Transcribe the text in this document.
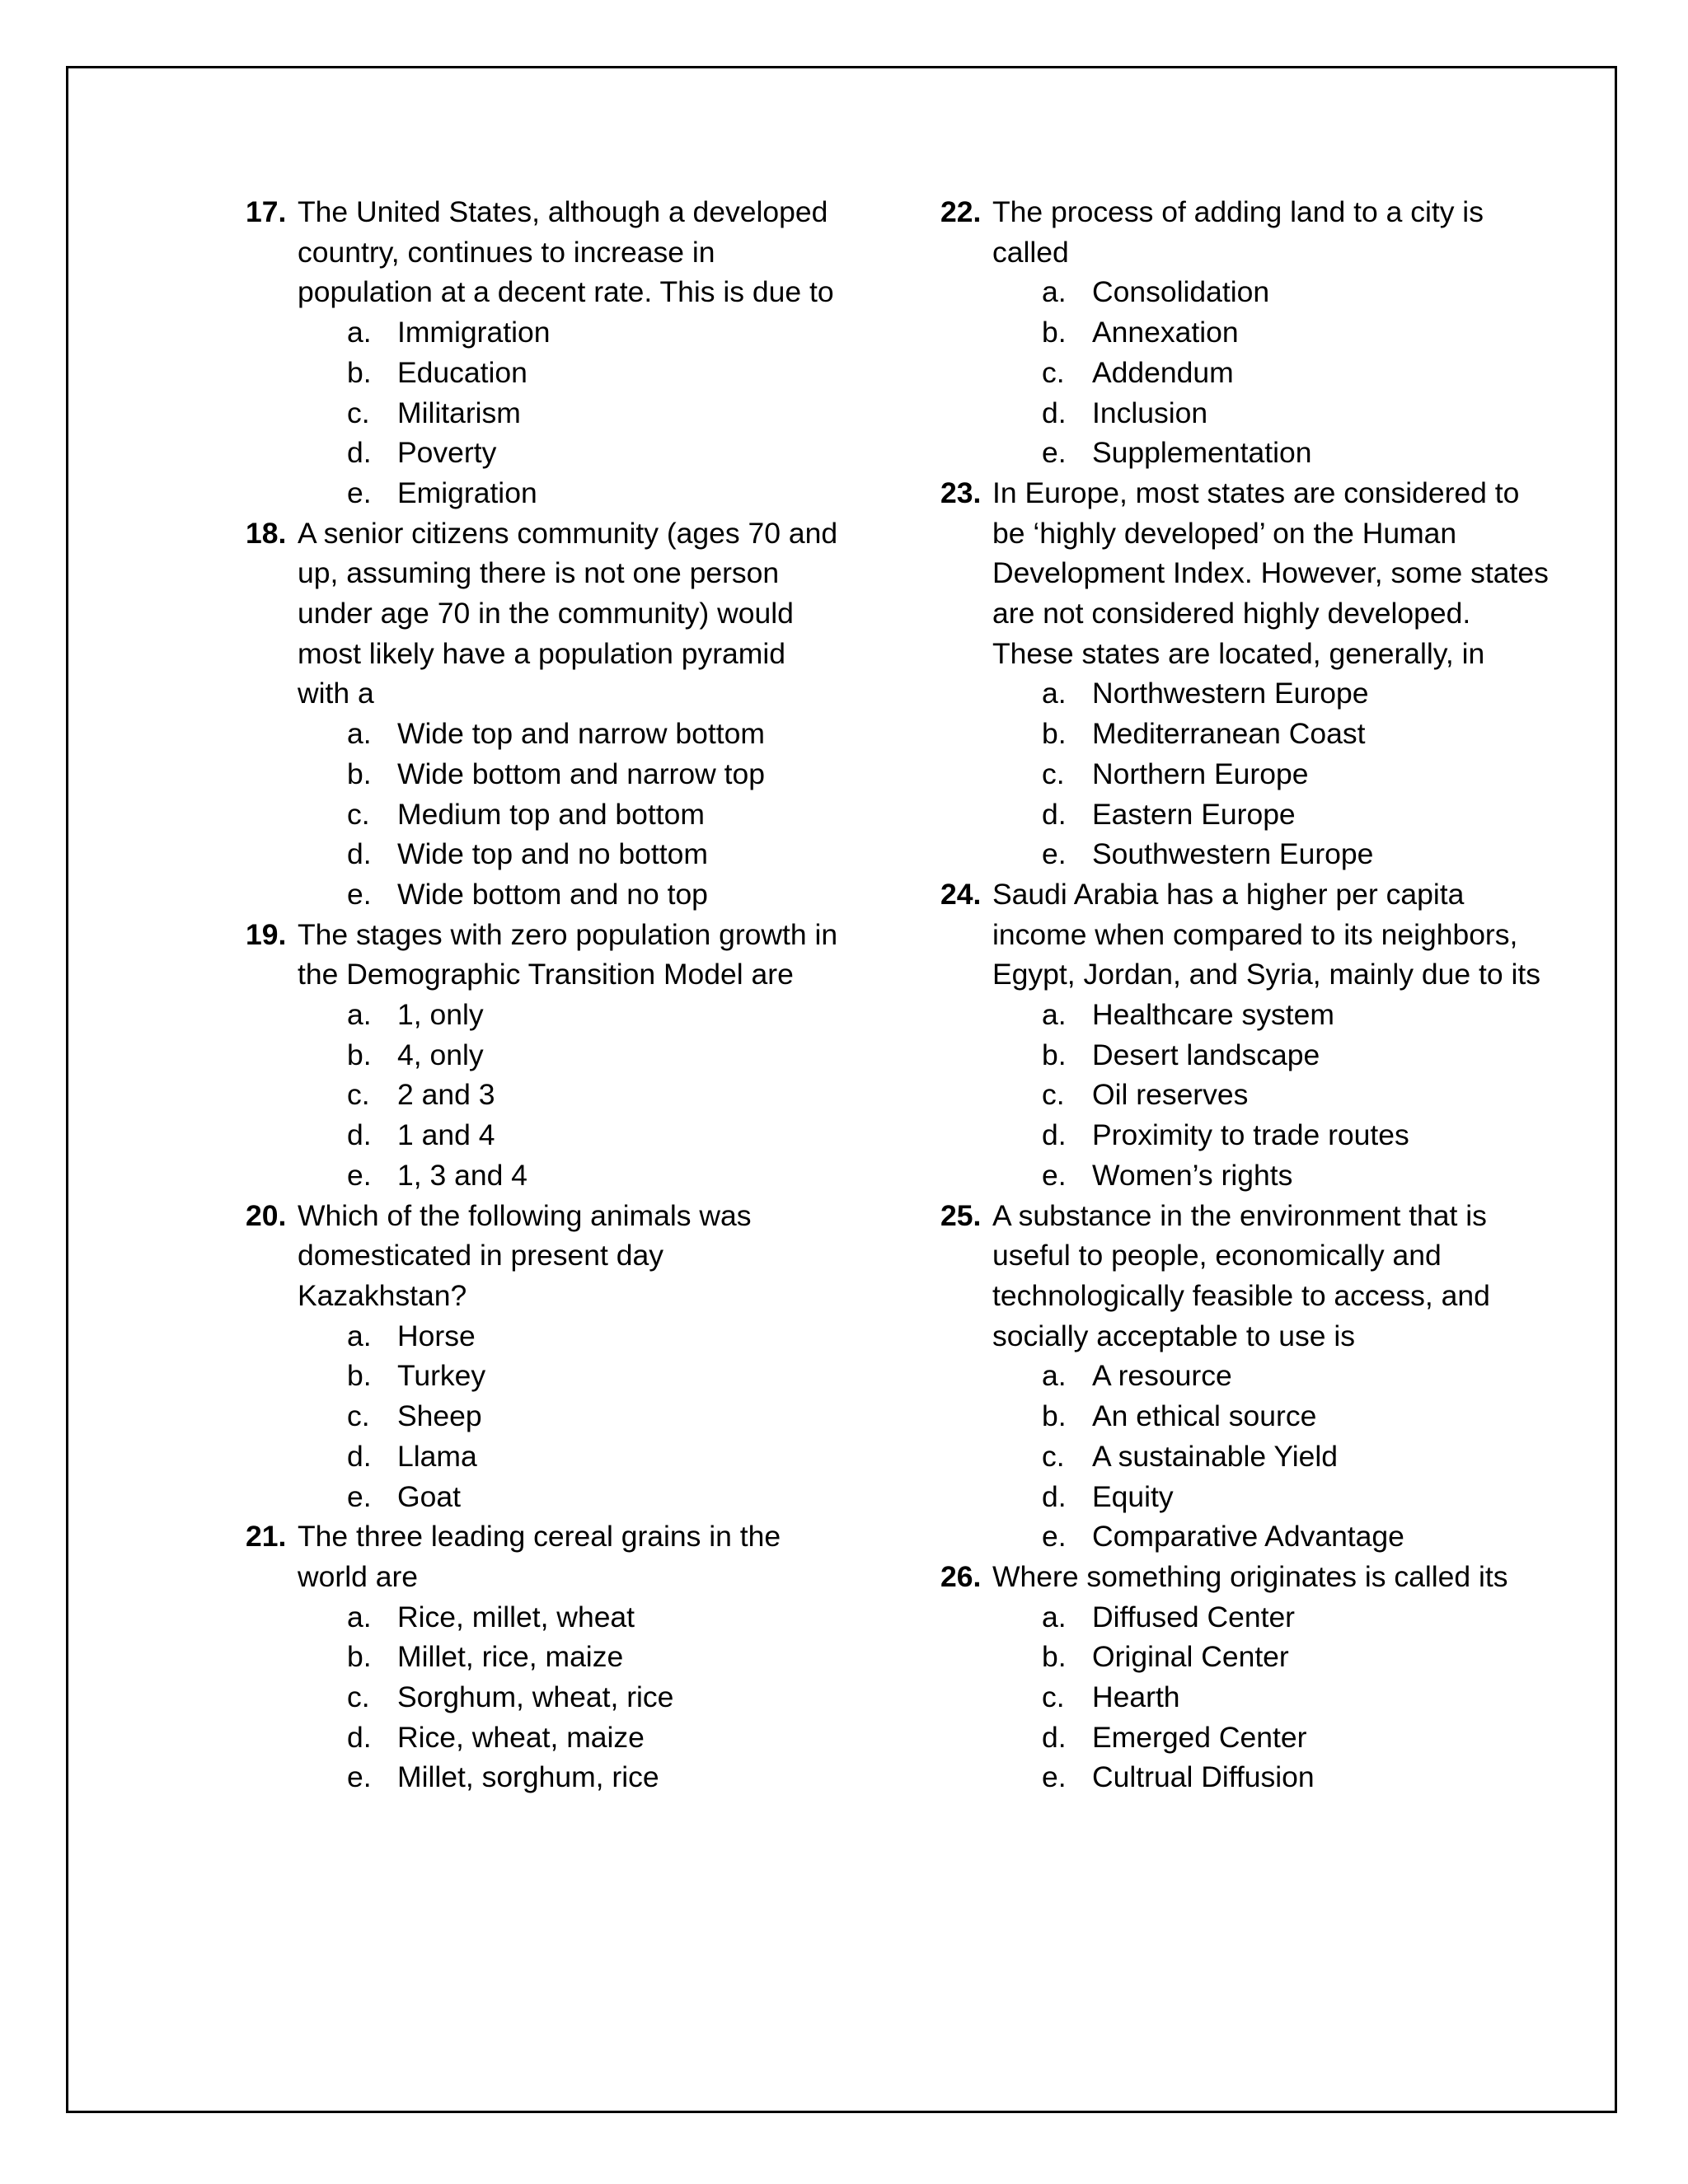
17. The United States, although a developed country, continues to increase in population at a decent rate. This is due to
a. Immigration
b. Education
c. Militarism
d. Poverty
e. Emigration
18. A senior citizens community (ages 70 and up, assuming there is not one person under age 70 in the community) would most likely have a population pyramid with a
a. Wide top and narrow bottom
b. Wide bottom and narrow top
c. Medium top and bottom
d. Wide top and no bottom
e. Wide bottom and no top
19. The stages with zero population growth in the Demographic Transition Model are
a. 1, only
b. 4, only
c. 2 and 3
d. 1 and 4
e. 1, 3 and 4
20. Which of the following animals was domesticated in present day Kazakhstan?
a. Horse
b. Turkey
c. Sheep
d. Llama
e. Goat
21. The three leading cereal grains in the world are
a. Rice, millet, wheat
b. Millet, rice, maize
c. Sorghum, wheat, rice
d. Rice, wheat, maize
e. Millet, sorghum, rice
22. The process of adding land to a city is called
a. Consolidation
b. Annexation
c. Addendum
d. Inclusion
e. Supplementation
23. In Europe, most states are considered to be ‘highly developed’ on the Human Development Index. However, some states are not considered highly developed. These states are located, generally, in
a. Northwestern Europe
b. Mediterranean Coast
c. Northern Europe
d. Eastern Europe
e. Southwestern Europe
24. Saudi Arabia has a higher per capita income when compared to its neighbors, Egypt, Jordan, and Syria, mainly due to its
a. Healthcare system
b. Desert landscape
c. Oil reserves
d. Proximity to trade routes
e. Women’s rights
25. A substance in the environment that is useful to people, economically and technologically feasible to access, and socially acceptable to use is
a. A resource
b. An ethical source
c. A sustainable Yield
d. Equity
e. Comparative Advantage
26. Where something originates is called its
a. Diffused Center
b. Original Center
c. Hearth
d. Emerged Center
e. Cultrual Diffusion
